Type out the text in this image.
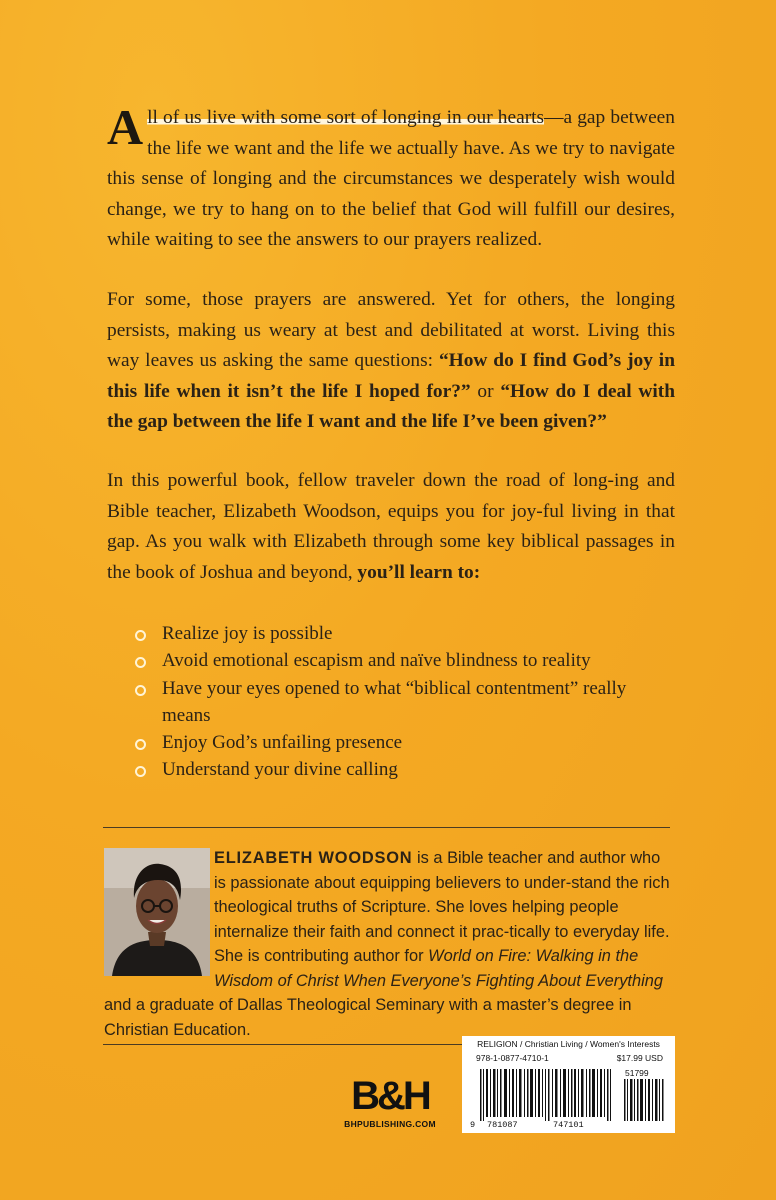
All of us live with some sort of longing in our hearts—a gap between the life we want and the life we actually have. As we try to navigate this sense of longing and the circumstances we desperately wish would change, we try to hang on to the belief that God will fulfill our desires, while waiting to see the answers to our prayers realized.

For some, those prayers are answered. Yet for others, the longing persists, making us weary at best and debilitated at worst. Living this way leaves us asking the same questions: “How do I find God’s joy in this life when it isn’t the life I hoped for?” or “How do I deal with the gap between the life I want and the life I’ve been given?”

In this powerful book, fellow traveler down the road of long-ing and Bible teacher, Elizabeth Woodson, equips you for joy-ful living in that gap. As you walk with Elizabeth through some key biblical passages in the book of Joshua and beyond, you’ll learn to:

Realize joy is possible
Avoid emotional escapism and naïve blindness to reality
Have your eyes opened to what “biblical contentment” really means
Enjoy God’s unfailing presence
Understand your divine calling

ELIZABETH WOODSON is a Bible teacher and author who is passionate about equipping believers to under-stand the rich theological truths of Scripture. She loves helping people internalize their faith and connect it prac-tically to everyday life. She is contributing author for World on Fire: Walking in the Wisdom of Christ When Everyone’s Fighting About Everything and a graduate of Dallas Theological Seminary with a master’s degree in Christian Education.

B&H
BHPUBLISHING.COM
RELIGION / Christian Living / Women's Interests
978-1-0877-4710-1	$17.99 USD
51799
9 781087	747101
